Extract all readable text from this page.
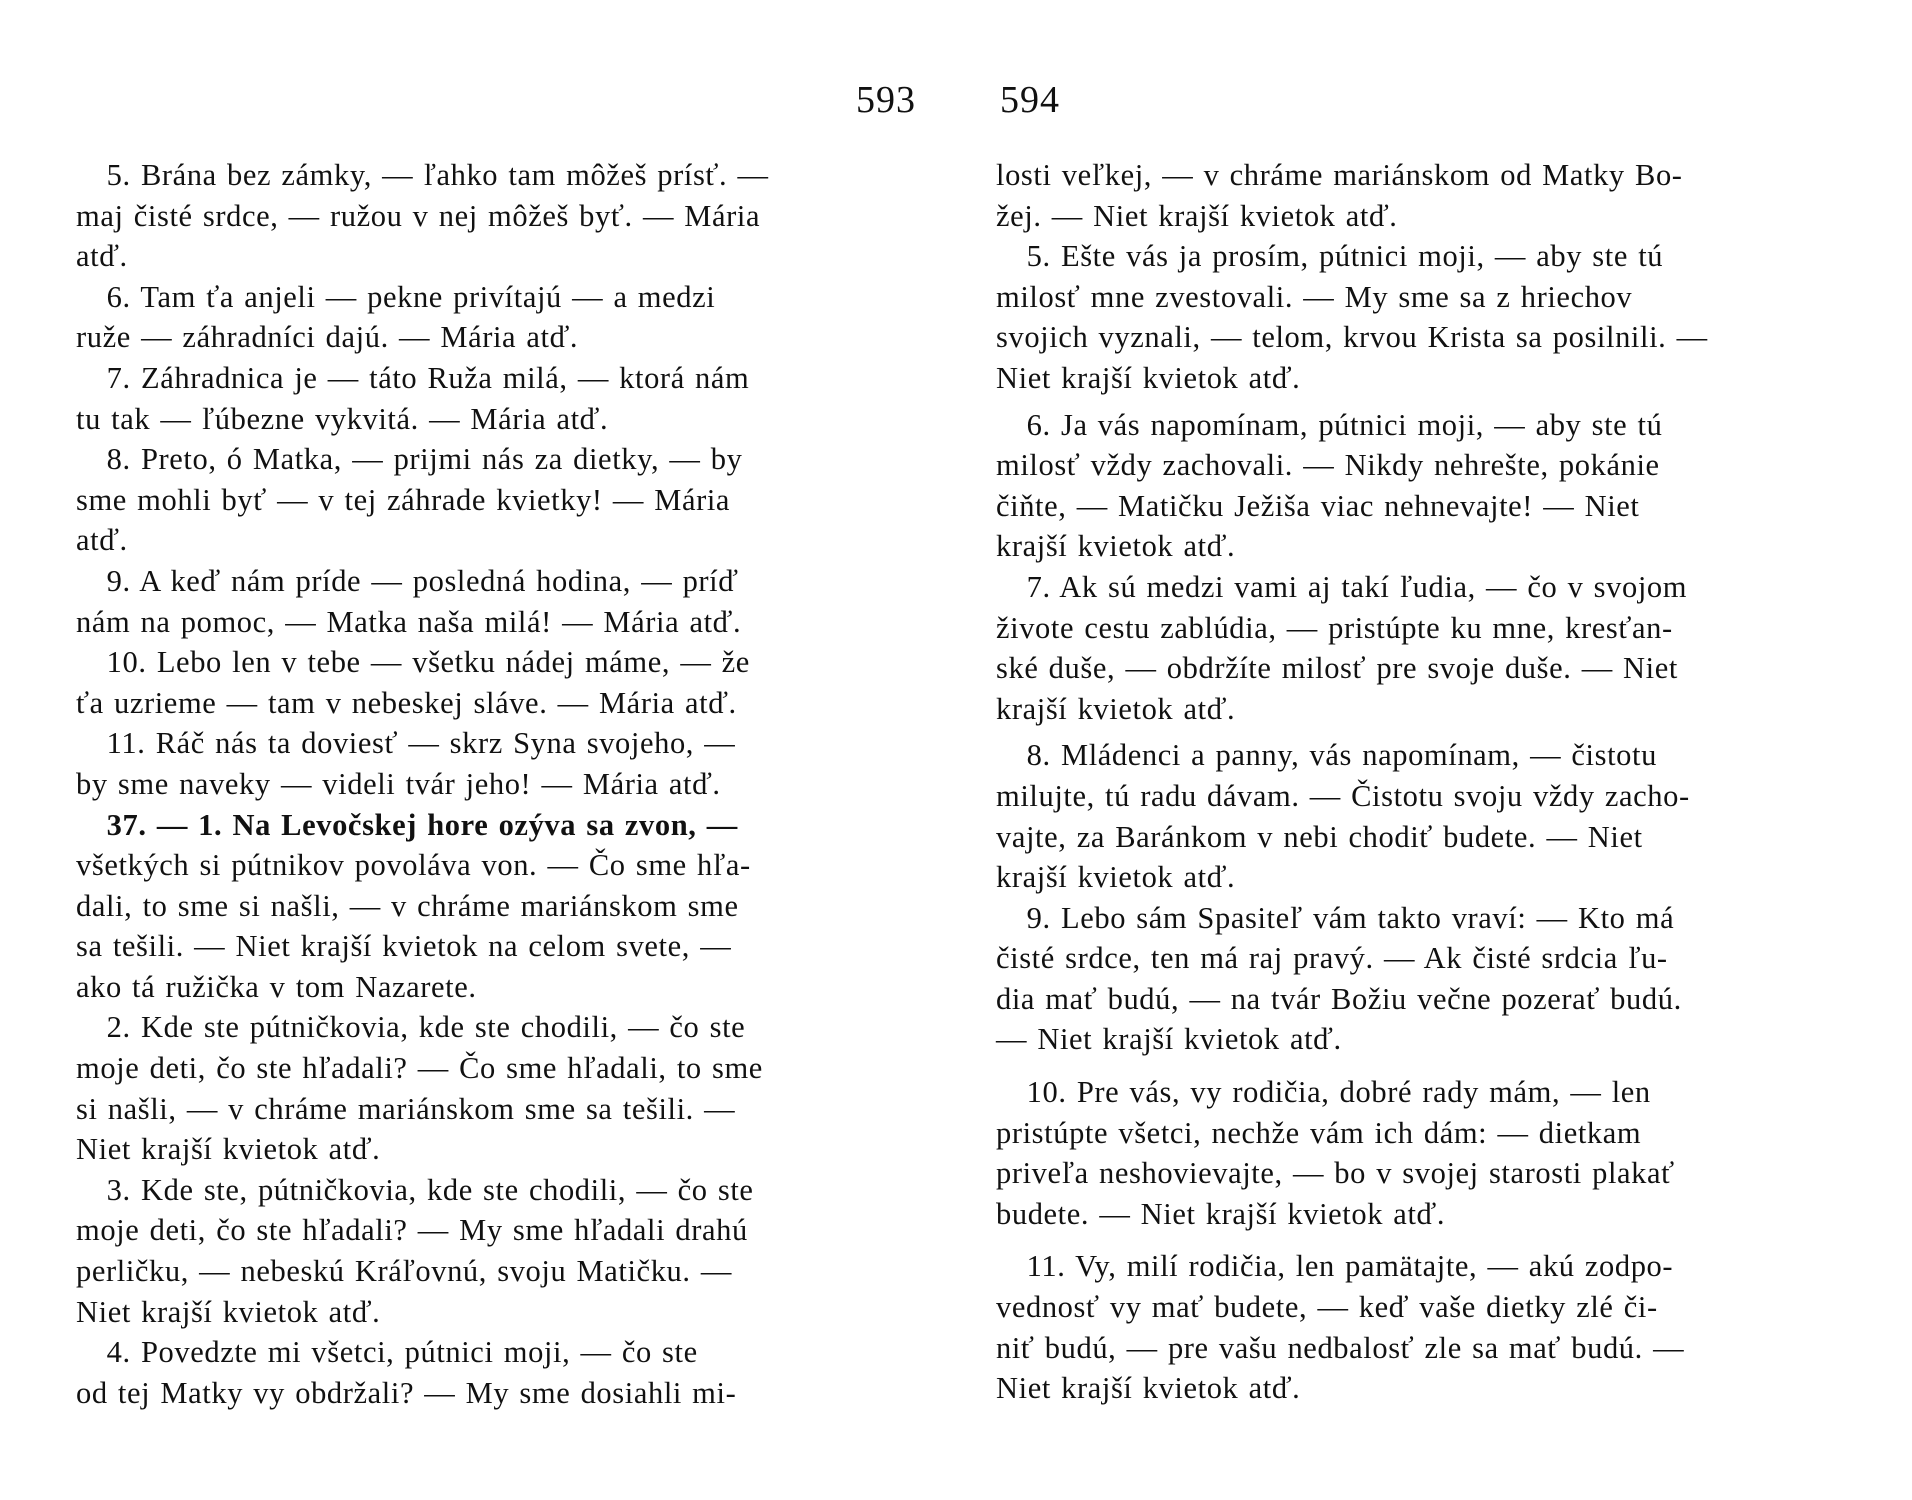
593 594

5. Brána bez zámky, — ľahko tam môžeš prísť. —

maj čisté srdce, — ružou v nej môžeš byť. — Mária

atď.

6. Tam ťa anjeli — pekne privítajú — a medzi

ruže — záhradníci dajú. — Mária atď.

7. Záhradnica je — táto Ruža milá, — ktorá nám

tu tak — ľúbezne vykvitá. — Mária atď.

8. Preto, ó Matka, — prijmi nás za dietky, — by

sme mohli byť — v tej záhrade kvietky! — Mária

atď.

9. A keď nám príde — posledná hodina, — príď

nám na pomoc, — Matka naša milá! — Mária atď.

10. Lebo len v tebe — všetku nádej máme, — že

ťa uzrieme — tam v nebeskej sláve. — Mária atď.

11. Ráč nás ta doviesť — skrz Syna svojeho, —

by sme naveky — videli tvár jeho! — Mária atď.

37. — 1. Na Levočskej hore ozýva sa zvon, —

všetkých si pútnikov povoláva von. — Čo sme hľa-

dali, to sme si našli, — v chráme mariánskom sme

sa tešili. — Niet krajší kvietok na celom svete, —

ako tá ružička v tom Nazarete.

2. Kde ste pútničkovia, kde ste chodili, — čo ste

moje deti, čo ste hľadali? — Čo sme hľadali, to sme

si našli, — v chráme mariánskom sme sa tešili. —

Niet krajší kvietok atď.

3. Kde ste, pútničkovia, kde ste chodili, — čo ste

moje deti, čo ste hľadali? — My sme hľadali drahú

perličku, — nebeskú Kráľovnú, svoju Matičku. —

Niet krajší kvietok atď.

4. Povedzte mi všetci, pútnici moji, — čo ste

od tej Matky vy obdržali? — My sme dosiahli mi-

losti veľkej, — v chráme mariánskom od Matky Bo-

žej. — Niet krajší kvietok atď.

5. Ešte vás ja prosím, pútnici moji, — aby ste tú

milosť mne zvestovali. — My sme sa z hriechov

svojich vyznali, — telom, krvou Krista sa posilnili. —

Niet krajší kvietok atď.

6. Ja vás napomínam, pútnici moji, — aby ste tú

milosť vždy zachovali. — Nikdy nehrešte, pokánie

čiňte, — Matičku Ježiša viac nehnevajte! — Niet

krajší kvietok atď.

7. Ak sú medzi vami aj takí ľudia, — čo v svojom

živote cestu zablúdia, — pristúpte ku mne, kresťan-

ské duše, — obdržíte milosť pre svoje duše. — Niet

krajší kvietok atď.

8. Mládenci a panny, vás napomínam, — čistotu

milujte, tú radu dávam. — Čistotu svoju vždy zacho-

vajte, za Baránkom v nebi chodiť budete. — Niet

krajší kvietok atď.

9. Lebo sám Spasiteľ vám takto vraví: — Kto má

čisté srdce, ten má raj pravý. — Ak čisté srdcia ľu-

dia mať budú, — na tvár Božiu večne pozerať budú.

— Niet krajší kvietok atď.

10. Pre vás, vy rodičia, dobré rady mám, — len

pristúpte všetci, nechže vám ich dám: — dietkam

priveľa neshovievajte, — bo v svojej starosti plakať

budete. — Niet krajší kvietok atď.

11. Vy, milí rodičia, len pamätajte, — akú zodpo-

vednosť vy mať budete, — keď vaše dietky zlé či-

niť budú, — pre vašu nedbalosť zle sa mať budú. —

Niet krajší kvietok atď.
